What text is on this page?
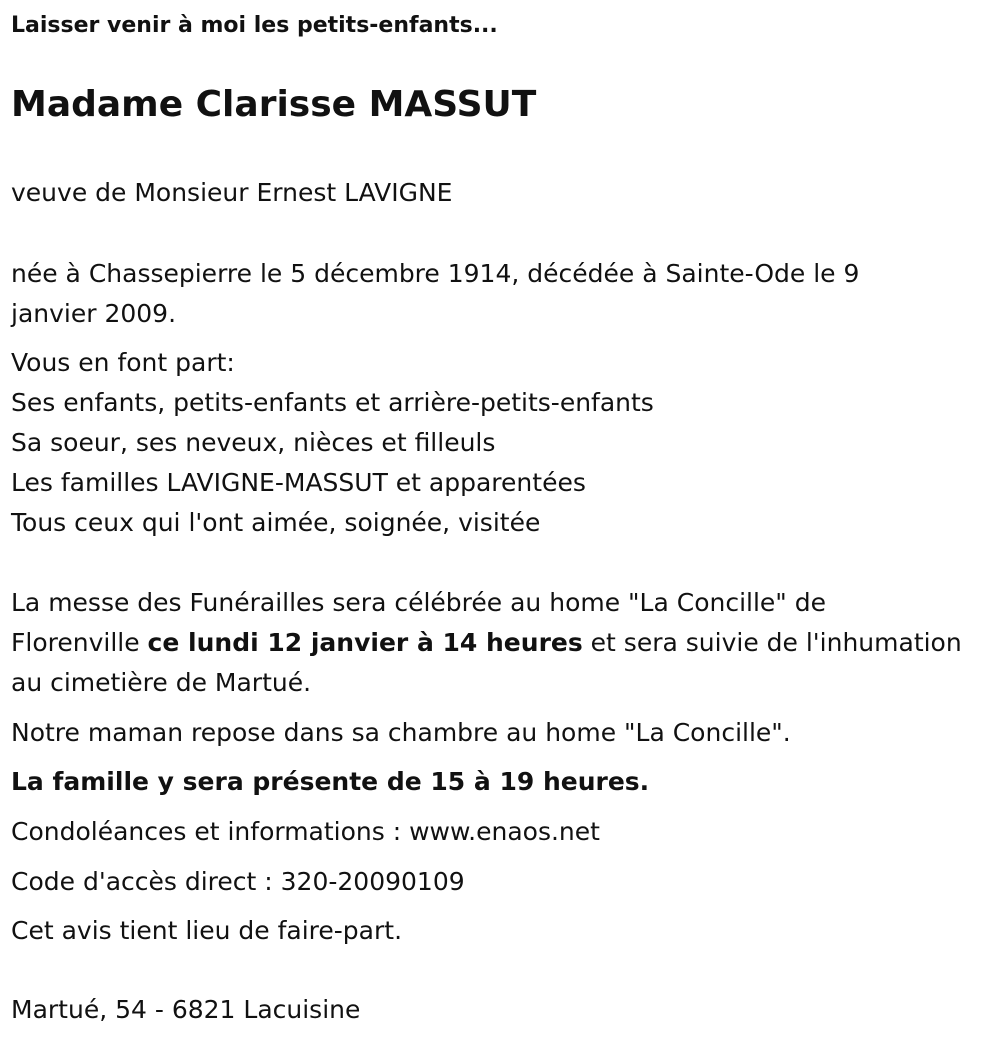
Laisser venir à moi les petits-enfants...
Madame Clarisse MASSUT
veuve de Monsieur Ernest LAVIGNE
née à Chassepierre le 5 décembre 1914, décédée à Sainte-Ode le 9
janvier 2009.
Vous en font part:
Ses enfants, petits-enfants et arrière-petits-enfants
Sa soeur, ses neveux, nièces et filleuls
Les familles LAVIGNE-MASSUT et apparentées
Tous ceux qui l'ont aimée, soignée, visitée
La messe des Funérailles sera célébrée au home "La Concille" de
Florenville ce lundi 12 janvier à 14 heures et sera suivie de l'inhumation
au cimetière de Martué.
Notre maman repose dans sa chambre au home "La Concille".
La famille y sera présente de 15 à 19 heures.
Condoléances et informations : www.enaos.net
Code d'accès direct : 320-20090109
Cet avis tient lieu de faire-part.
Martué, 54 - 6821 Lacuisine
